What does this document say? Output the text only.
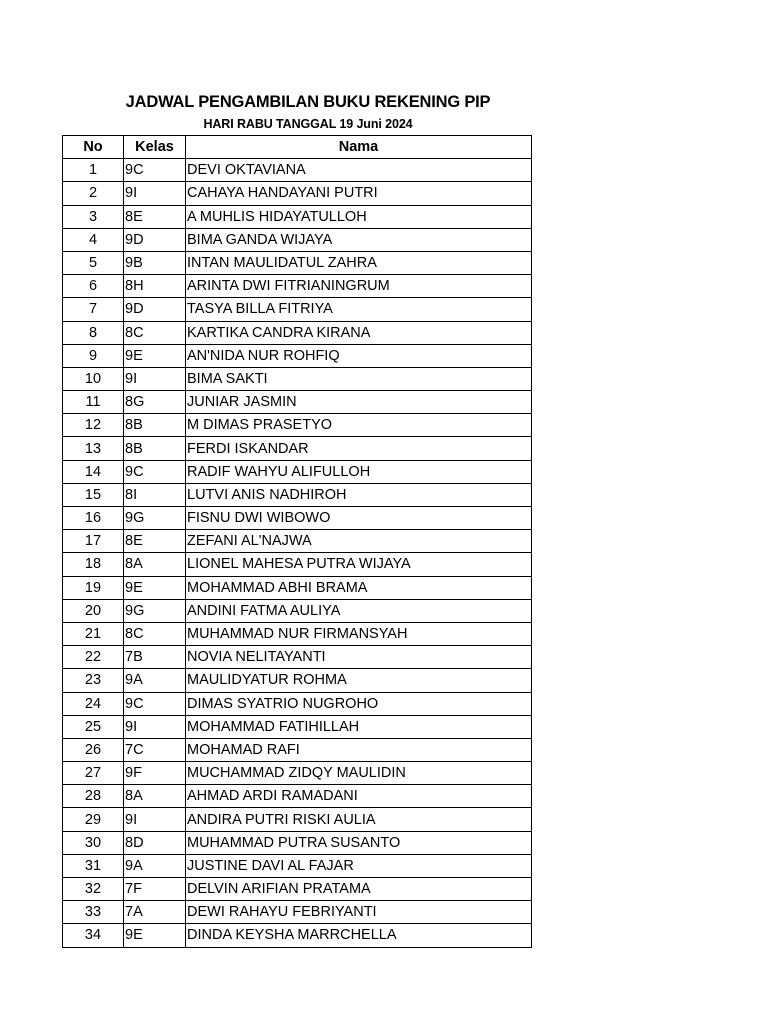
JADWAL PENGAMBILAN BUKU REKENING PIP
HARI RABU TANGGAL 19 Juni 2024
No	Kelas	Nama
1	9C	DEVI OKTAVIANA
2	9I	CAHAYA HANDAYANI PUTRI
3	8E	A MUHLIS HIDAYATULLOH
4	9D	BIMA GANDA WIJAYA
5	9B	INTAN MAULIDATUL ZAHRA
6	8H	ARINTA DWI FITRIANINGRUM
7	9D	TASYA BILLA FITRIYA
8	8C	KARTIKA CANDRA KIRANA
9	9E	AN'NIDA NUR ROHFIQ
10	9I	BIMA SAKTI
11	8G	JUNIAR JASMIN
12	8B	M DIMAS PRASETYO
13	8B	FERDI ISKANDAR
14	9C	RADIF WAHYU ALIFULLOH
15	8I	LUTVI ANIS NADHIROH
16	9G	FISNU DWI WIBOWO
17	8E	ZEFANI AL'NAJWA
18	8A	LIONEL MAHESA PUTRA WIJAYA
19	9E	MOHAMMAD ABHI BRAMA
20	9G	ANDINI FATMA AULIYA
21	8C	MUHAMMAD NUR FIRMANSYAH
22	7B	NOVIA NELITAYANTI
23	9A	MAULIDYATUR ROHMA
24	9C	DIMAS SYATRIO NUGROHO
25	9I	MOHAMMAD FATIHILLAH
26	7C	MOHAMAD RAFI
27	9F	MUCHAMMAD ZIDQY MAULIDIN
28	8A	AHMAD ARDI RAMADANI
29	9I	ANDIRA PUTRI RISKI AULIA
30	8D	MUHAMMAD PUTRA SUSANTO
31	9A	JUSTINE DAVI AL FAJAR
32	7F	DELVIN ARIFIAN PRATAMA
33	7A	DEWI RAHAYU FEBRIYANTI
34	9E	DINDA KEYSHA MARRCHELLA
